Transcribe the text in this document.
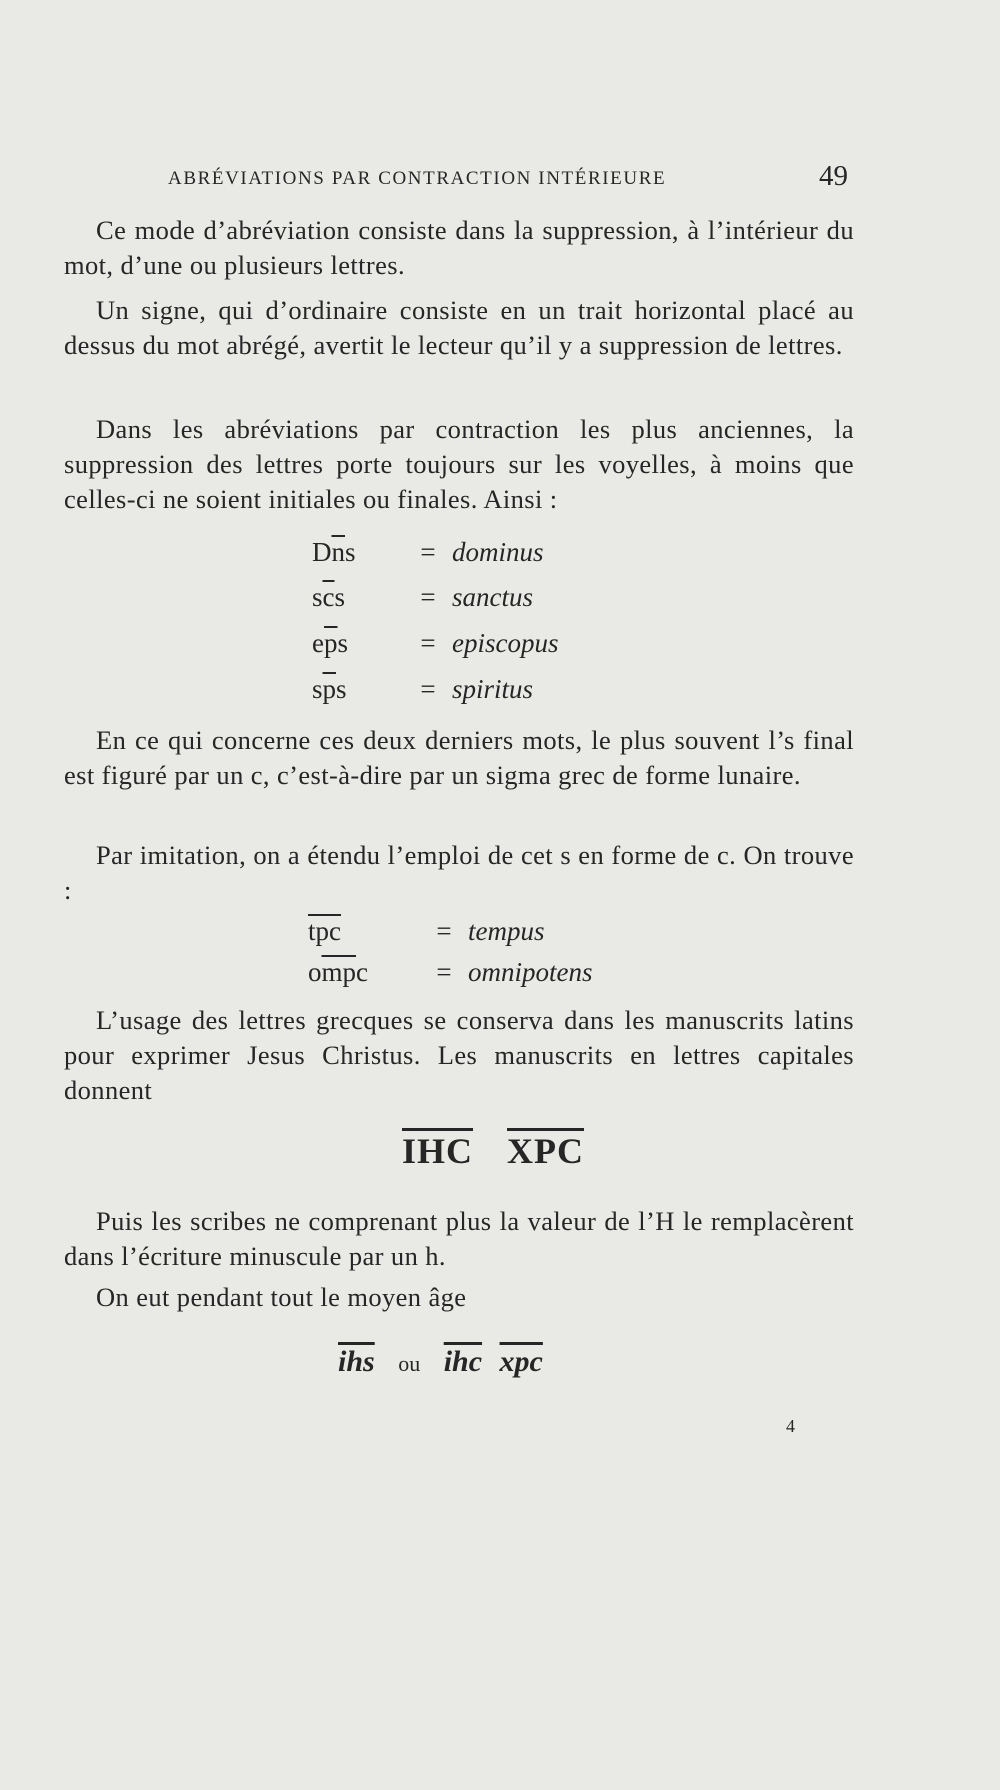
ABRÉVIATIONS PAR CONTRACTION INTÉRIEURE	49

Ce mode d’abréviation consiste dans la suppression, à l’intérieur du mot, d’une ou plusieurs lettres.

Un signe, qui d’ordinaire consiste en un trait horizontal placé au dessus du mot abrégé, avertit le lecteur qu’il y a suppression de lettres.

Dans les abréviations par contraction les plus anciennes, la suppression des lettres porte toujours sur les voyelles, à moins que celles-ci ne soient initiales ou finales. Ainsi :

$D\overline{n}s$ = dominus
$s\overline{c}s$	= sanctus
$e\overline{p}s$	= episcopus
$s\overline{p}s$	= spiritus

En ce qui concerne ces deux derniers mots, le plus souvent l’s final est figuré par un c, c’est-à-dire par un sigma grec de forme lunaire.

Par imitation, on a étendu l’emploi de cet s en forme de c. On trouve :

$\overline{tpc}$	= tempus
$o\overline{mp}c$	= omnipotens

L’usage des lettres grecques se conserva dans les manuscrits latins pour exprimer Jesus Christus. Les manuscrits en lettres capitales donnent

$\overline{IHC}$ $\overline{XPC}$

Puis les scribes ne comprenant plus la valeur de l’H le remplacèrent dans l’écriture minuscule par un h.

On eut pendant tout le moyen âge

$\overline{ihs}$ ou $\overline{ihc}$ $\overline{xpc}$
4
